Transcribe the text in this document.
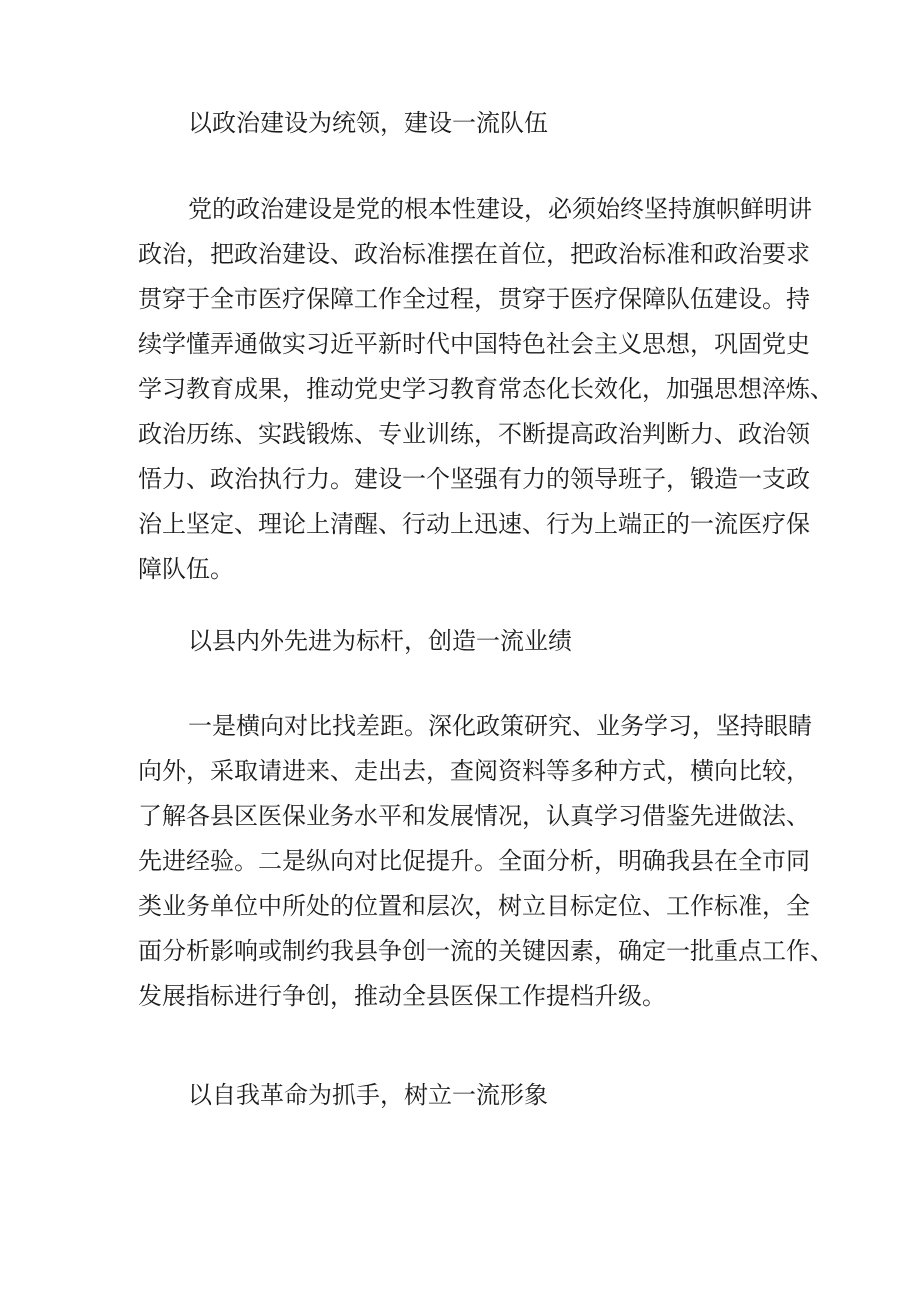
以政治建设为统领，建设一流队伍
党的政治建设是党的根本性建设，必须始终坚持旗帜鲜明讲
政治，把政治建设、政治标准摆在首位，把政治标准和政治要求
贯穿于全市医疗保障工作全过程，贯穿于医疗保障队伍建设。持
续学懂弄通做实习近平新时代中国特色社会主义思想，巩固党史
学习教育成果，推动党史学习教育常态化长效化，加强思想淬炼、
政治历练、实践锻炼、专业训练，不断提高政治判断力、政治领
悟力、政治执行力。建设一个坚强有力的领导班子，锻造一支政
治上坚定、理论上清醒、行动上迅速、行为上端正的一流医疗保
障队伍。
以县内外先进为标杆，创造一流业绩
一是横向对比找差距。深化政策研究、业务学习，坚持眼睛
向外，采取请进来、走出去，查阅资料等多种方式，横向比较，
了解各县区医保业务水平和发展情况，认真学习借鉴先进做法、
先进经验。二是纵向对比促提升。全面分析，明确我县在全市同
类业务单位中所处的位置和层次，树立目标定位、工作标准，全
面分析影响或制约我县争创一流的关键因素，确定一批重点工作、
发展指标进行争创，推动全县医保工作提档升级。
以自我革命为抓手，树立一流形象
